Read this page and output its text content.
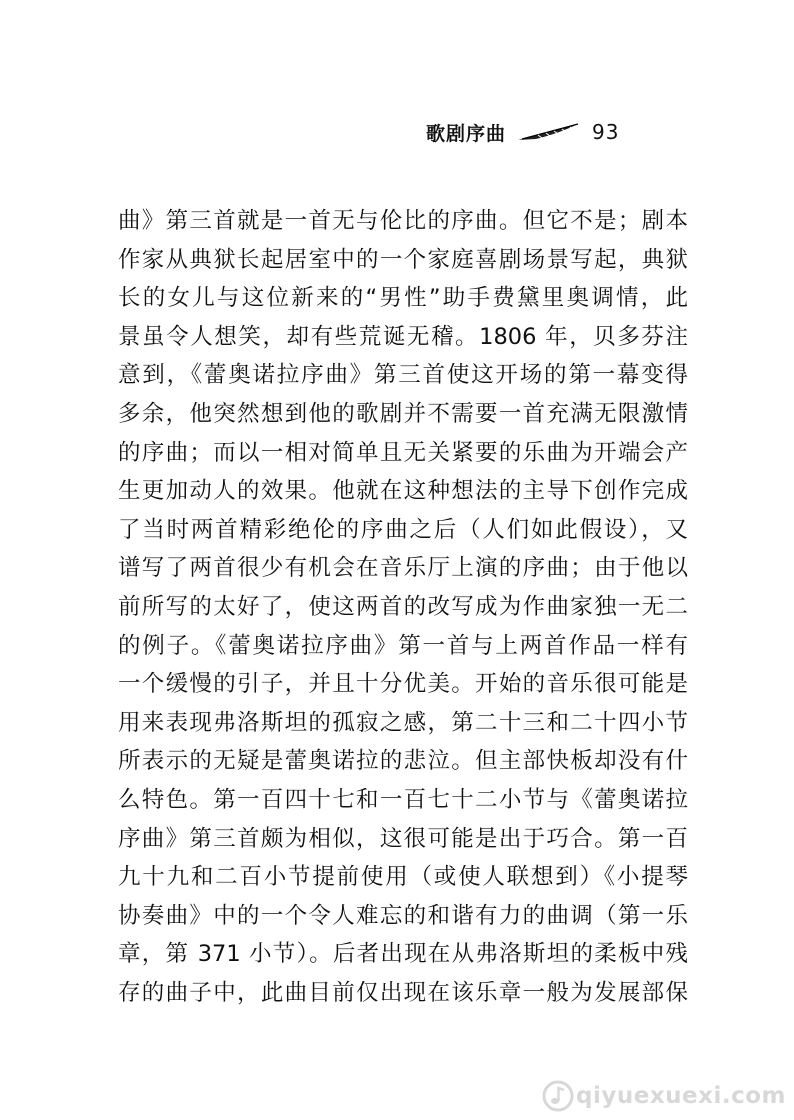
歌剧序曲	93
曲》第三首就是一首无与伦比的序曲。但它不是；剧本
作家从典狱长起居室中的一个家庭喜剧场景写起，典狱
长的女儿与这位新来的“男性”助手费黛里奥调情，此
景虽令人想笑，却有些荒诞无稽。1806 年，贝多芬注
意到，《蕾奥诺拉序曲》第三首使这开场的第一幕变得
多余，他突然想到他的歌剧并不需要一首充满无限激情
的序曲；而以一相对简单且无关紧要的乐曲为开端会产
生更加动人的效果。他就在这种想法的主导下创作完成
了当时两首精彩绝伦的序曲之后（人们如此假设），又
谱写了两首很少有机会在音乐厅上演的序曲；由于他以
前所写的太好了，使这两首的改写成为作曲家独一无二
的例子。《蕾奥诺拉序曲》第一首与上两首作品一样有
一个缓慢的引子，并且十分优美。开始的音乐很可能是
用来表现弗洛斯坦的孤寂之感，第二十三和二十四小节
所表示的无疑是蕾奥诺拉的悲泣。但主部快板却没有什
么特色。第一百四十七和一百七十二小节与《蕾奥诺拉
序曲》第三首颇为相似，这很可能是出于巧合。第一百
九十九和二百小节提前使用（或使人联想到）《小提琴
协奏曲》中的一个令人难忘的和谐有力的曲调（第一乐
章，第 371 小节）。后者出现在从弗洛斯坦的柔板中残
存的曲子中，此曲目前仅出现在该乐章一般为发展部保
qiyuexuexi.com
